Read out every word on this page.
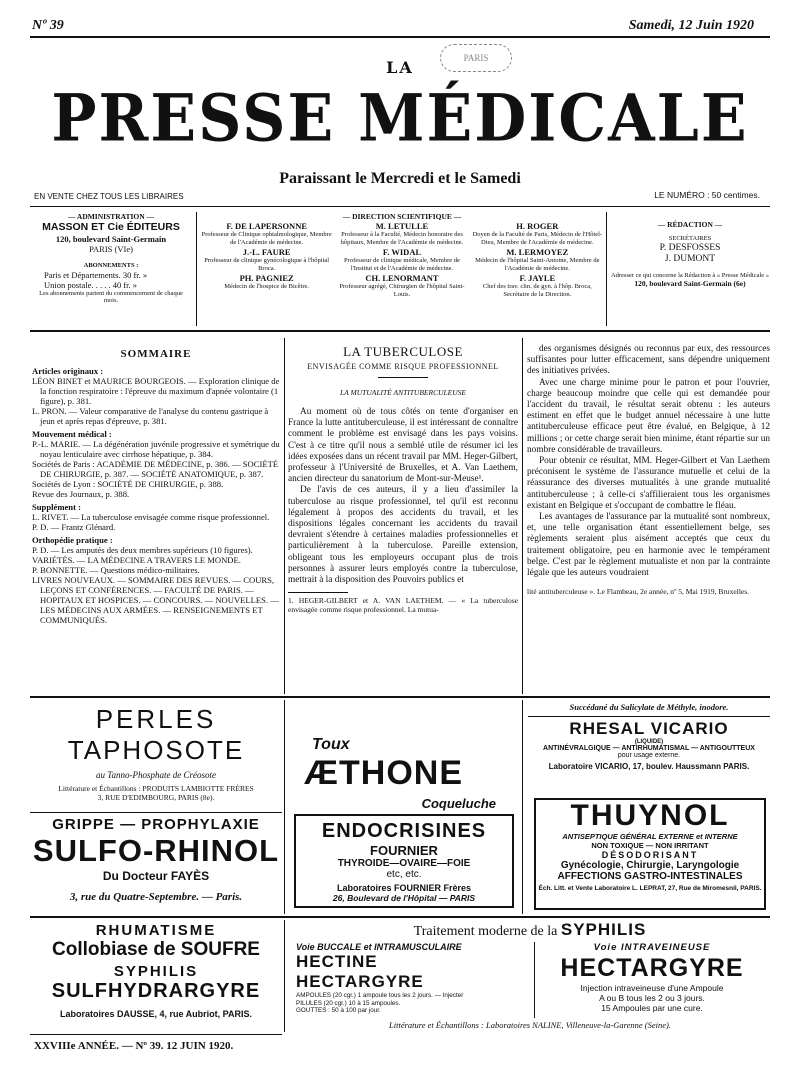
Nº 39	Samedi, 12 Juin 1920
PARIS
LA
PRESSE MÉDICALE
Paraissant le Mercredi et le Samedi
EN VENTE CHEZ TOUS LES LIBRAIRES	LE NUMÉRO : 50 centimes.
— ADMINISTRATION —
MASSON ET Cie ÉDITEURS
120, boulevard Saint-Germain
PARIS (VIe)
ABONNEMENTS :
Paris et Départements. 30 fr. »
Union postale. . . . . 40 fr. »
Les abonnements partent du commencement de chaque mois.
— DIRECTION SCIENTIFIQUE —
F. DE LAPERSONNE
Professeur de Clinique ophtalmologique, Membre de l'Académie de médecine.
M. LETULLE
Professeur à la Faculté, Médecin honoraire des hôpitaux, Membre de l'Académie de médecine.
H. ROGER
Doyen de la Faculté de Paris, Médecin de l'Hôtel-Dieu, Membre de l'Académie de médecine.
J.-L. FAURE
Professeur de clinique gynécologique à l'hôpital Broca.
F. WIDAL
Professeur de clinique médicale, Membre de l'Institut et de l'Académie de médecine.
M. LERMOYEZ
Médecin de l'hôpital Saint-Antoine, Membre de l'Académie de médecine.
PH. PAGNIEZ
Médecin de l'hospice de Bicêtre.
CH. LENORMANT
Professeur agrégé, Chirurgien de l'hôpital Saint-Louis.
F. JAYLE
Chef des trav. clin. de gyn. à l'hôp. Broca, Secrétaire de la Direction.
— RÉDACTION —
SECRÉTAIRES
P. DESFOSSES
J. DUMONT
Adresser ce qui concerne la Rédaction à « Presse Médicale »
120, boulevard Saint-Germain (6e)
SOMMAIRE
Articles originaux :
LÉON BINET et MAURICE BOURGEOIS. — Exploration clinique de la fonction respiratoire : l'épreuve du maximum d'apnée volontaire (1 figure), p. 381.
L. PRON. — Valeur comparative de l'analyse du contenu gastrique à jeun et après repas d'épreuve, p. 381.
Mouvement médical :
P.-L. MARIE. — La dégénération juvénile progressive et symétrique du noyau lenticulaire avec cirrhose hépatique, p. 384.
Sociétés de Paris : ACADÉMIE DE MÉDECINE, p. 386. — SOCIÉTÉ DE CHIRURGIE, p. 387. — SOCIÉTÉ ANATOMIQUE, p. 387.
Sociétés de Lyon : SOCIÉTÉ DE CHIRURGIE, p. 388.
Revue des Journaux, p. 388.
Supplément :
L. RIVET. — La tuberculose envisagée comme risque professionnel.
P. D. — Frantz Glénard.
Orthopédie pratique :
P. D. — Les amputés des deux membres supérieurs (10 figures).
VARIÉTÉS. — LA MÉDECINE A TRAVERS LE MONDE.
P. BONNETTE. — Questions médico-militaires.
LIVRES NOUVEAUX. — SOMMAIRE DES REVUES. — COURS, LEÇONS ET CONFÉRENCES. — FACULTÉ DE PARIS. — HOPITAUX ET HOSPICES. — CONCOURS. — NOUVELLES. — LES MÉDECINS AUX ARMÉES. — RENSEIGNEMENTS ET COMMUNIQUÉS.
LA TUBERCULOSE
ENVISAGÉE COMME RISQUE PROFESSIONNEL
LA MUTUALITÉ ANTITUBERCULEUSE

Au moment où de tous côtés on tente d'organiser en France la lutte antituberculeuse, il est intéressant de connaître comment le problème est envisagé dans les pays voisins. C'est à ce titre qu'il nous a semblé utile de résumer ici les idées exposées dans un récent travail par MM. Heger-Gilbert, professeur à l'Université de Bruxelles, et A. Van Laethem, ancien directeur du sanatorium de Mont-sur-Meuse¹.

De l'avis de ces auteurs, il y a lieu d'assimiler la tuberculose au risque professionnel, tel qu'il est reconnu légalement à propos des accidents du travail, et les dispositions légales concernant les accidents du travail devraient s'étendre à certaines maladies professionnelles et particulièrement à la tuberculose. Pareille extension, obligeant tous les employeurs occupant plus de trois personnes à assurer leurs employés contre la tuberculose, mettrait à la disposition des Pouvoirs publics et

1. HEGER-GILBERT et A. VAN LAETHEM. — « La tuberculose envisagée comme risque professionnel. La mutua-

des organismes désignés ou reconnus par eux, des ressources suffisantes pour lutter efficacement, sans dépendre uniquement des initiatives privées.

Avec une charge minime pour le patron et pour l'ouvrier, charge beaucoup moindre que celle qui est demandée pour l'accident du travail, le résultat serait obtenu : les auteurs estiment en effet que le budget annuel nécessaire à une lutte antituberculeuse efficace peut être évalué, en Belgique, à 12 millions ; or cette charge serait bien minime, étant répartie sur un nombre considérable de travailleurs.

Pour obtenir ce résultat, MM. Heger-Gilbert et Van Laethem préconisent le système de l'assurance mutuelle et celui de la réassurance des diverses mutualités à une grande mutualité antituberculeuse ; à celle-ci s'affilieraient tous les organismes existant en Belgique et s'occupant de combattre le fléau.

Les avantages de l'assurance par la mutualité sont nombreux, et, une telle organisation étant essentiellement belge, ses règlements seraient plus aisément acceptés que ceux du traitement obligatoire, peu en harmonie avec le tempérament belge. C'est par le règlement mutualiste et non par la contrainte légale que les auteurs voudraient

lité antituberculeuse ». Le Flambeau, 2e année, nº 5, Mai 1919, Bruxelles.
PERLES
TAPHOSOTE
au Tanno-Phosphate de Créosote
Littérature et Échantillons : PRODUITS LAMBIOTTE FRÈRES
3, RUE D'EDIMBOURG, PARIS (8e).
Toux
ÆTHONE
Coqueluche
Succédané du Salicylate de Méthyle, inodore.
RHESAL VICARIO
(LIQUIDE)
ANTINÉVRALGIQUE — ANTIRHUMATISMAL — ANTIGOUTTEUX
pour usage externe.
Laboratoire VICARIO, 17, boulev. Haussmann PARIS.
GRIPPE — PROPHYLAXIE
SULFO-RHINOL
Du Docteur FAYÈS
3, rue du Quatre-Septembre. — Paris.
ENDOCRISINES
FOURNIER
THYROIDE—OVAIRE—FOIE
etc, etc.
Laboratoires FOURNIER Frères
26, Boulevard de l'Hôpital — PARIS
THUYNOL
ANTISEPTIQUE GÉNÉRAL EXTERNE et INTERNE
NON TOXIQUE — NON IRRITANT
DÉSODORISANT
Gynécologie, Chirurgie, Laryngologie
AFFECTIONS GASTRO-INTESTINALES
Éch. Litt. et Vente Laboratoire L. LEPRAT, 27, Rue de Miromesnil, PARIS.
RHUMATISME
Collobiase de SOUFRE
SYPHILIS
SULFHYDRARGYRE
Laboratoires DAUSSE, 4, rue Aubriot, PARIS.
Traitement moderne de la SYPHILIS
Voie BUCCALE et INTRAMUSCULAIRE
HECTINE
HECTARGYRE
AMPOULES (20 cgr.) 1 ampoule tous les 2 jours. — Injecter
PILULES (20 cgr.) 10 à 15 ampoules.
GOUTTES : 50 à 100 par jour.
Voie INTRAVEINEUSE
HECTARGYRE
Injection intraveineuse d'une Ampoule
A ou B tous les 2 ou 3 jours.
15 Ampoules par une cure.
Littérature et Échantillons : Laboratoires NALINE, Villeneuve-la-Garenne (Seine).
XXVIIIe ANNÉE. — Nº 39. 12 JUIN 1920.
